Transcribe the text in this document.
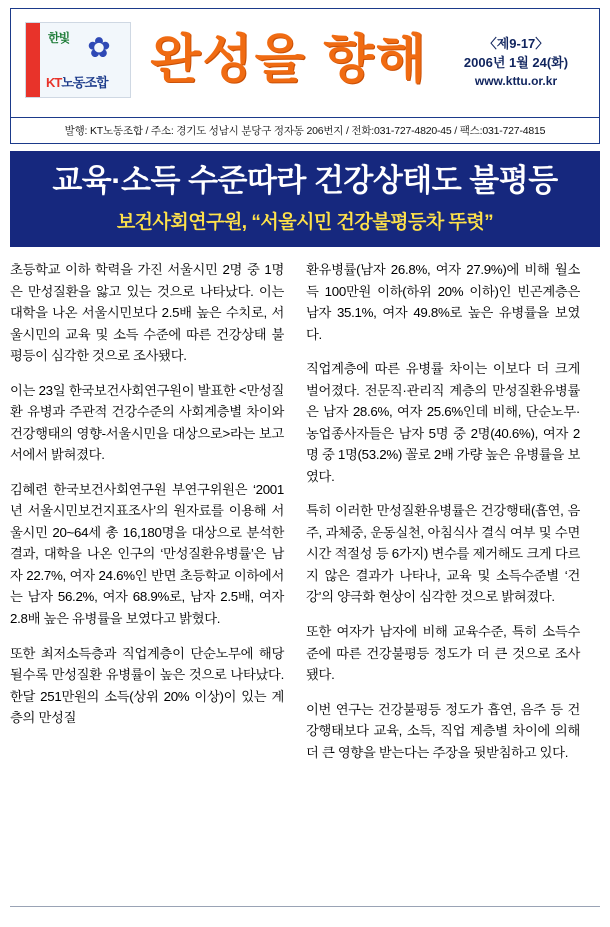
한빛 ✿
KT노동조합 완성을 향해	〈제9-17〉
2006년 1월 24(화)
www.kttu.or.kr
발행: KT노동조합 / 주소: 경기도 성남시 분당구 정자동 206번지 / 전화:031-727-4820-45 / 팩스:031-727-4815
교육·소득 수준따라 건강상태도 불평등
보건사회연구원, “서울시민 건강불평등차 뚜렷”

초등학교 이하 학력을 가진 서울시민 2명 중 1명은 만성질환을 앓고 있는 것으로 나타났다. 이는 대학을 나온 서울시민보다 2.5배 높은 수치로, 서울시민의 교육 및 소득 수준에 따른 건강상태 불평등이 심각한 것으로 조사됐다.

이는 23일 한국보건사회연구원이 발표한 <만성질환 유병과 주관적 건강수준의 사회계층별 차이와 건강행태의 영향-서울시민을 대상으로>라는 보고서에서 밝혀졌다.

김혜련 한국보건사회연구원 부연구위원은 ‘2001년 서울시민보건지표조사’의 원자료를 이용해 서울시민 20~64세 총 16,180명을 대상으로 분석한 결과, 대학을 나온 인구의 ‘만성질환유병률’은 남자 22.7%, 여자 24.6%인 반면 초등학교 이하에서는 남자 56.2%, 여자 68.9%로, 남자 2.5배, 여자 2.8배 높은 유병률을 보였다고 밝혔다.

또한 최저소득층과 직업계층이 단순노무에 해당될수록 만성질환 유병률이 높은 것으로 나타났다. 한달 251만원의 소득(상위 20% 이상)이 있는 계층의 만성질

환유병률(남자 26.8%, 여자 27.9%)에 비해 월소득 100만원 이하(하위 20% 이하)인 빈곤계층은 남자 35.1%, 여자 49.8%로 높은 유병률을 보였다.

직업계층에 따른 유병률 차이는 이보다 더 크게 벌어졌다. 전문직·관리직 계층의 만성질환유병률은 남자 28.6%, 여자 25.6%인데 비해, 단순노무·농업종사자들은 남자 5명 중 2명(40.6%), 여자 2명 중 1명(53.2%) 꼴로 2배 가량 높은 유병률을 보였다.

특히 이러한 만성질환유병률은 건강행태(흡연, 음주, 과체중, 운동실천, 아침식사 결식 여부 및 수면시간 적절성 등 6가지) 변수를 제거해도 크게 다르지 않은 결과가 나타나, 교육 및 소득수준별 ‘건강’의 양극화 현상이 심각한 것으로 밝혀졌다.

또한 여자가 남자에 비해 교육수준, 특히 소득수준에 따른 건강불평등 정도가 더 큰 것으로 조사됐다.

이번 연구는 건강불평등 정도가 흡연, 음주 등 건강행태보다 교육, 소득, 직업 계층별 차이에 의해 더 큰 영향을 받는다는 주장을 뒷받침하고 있다.
